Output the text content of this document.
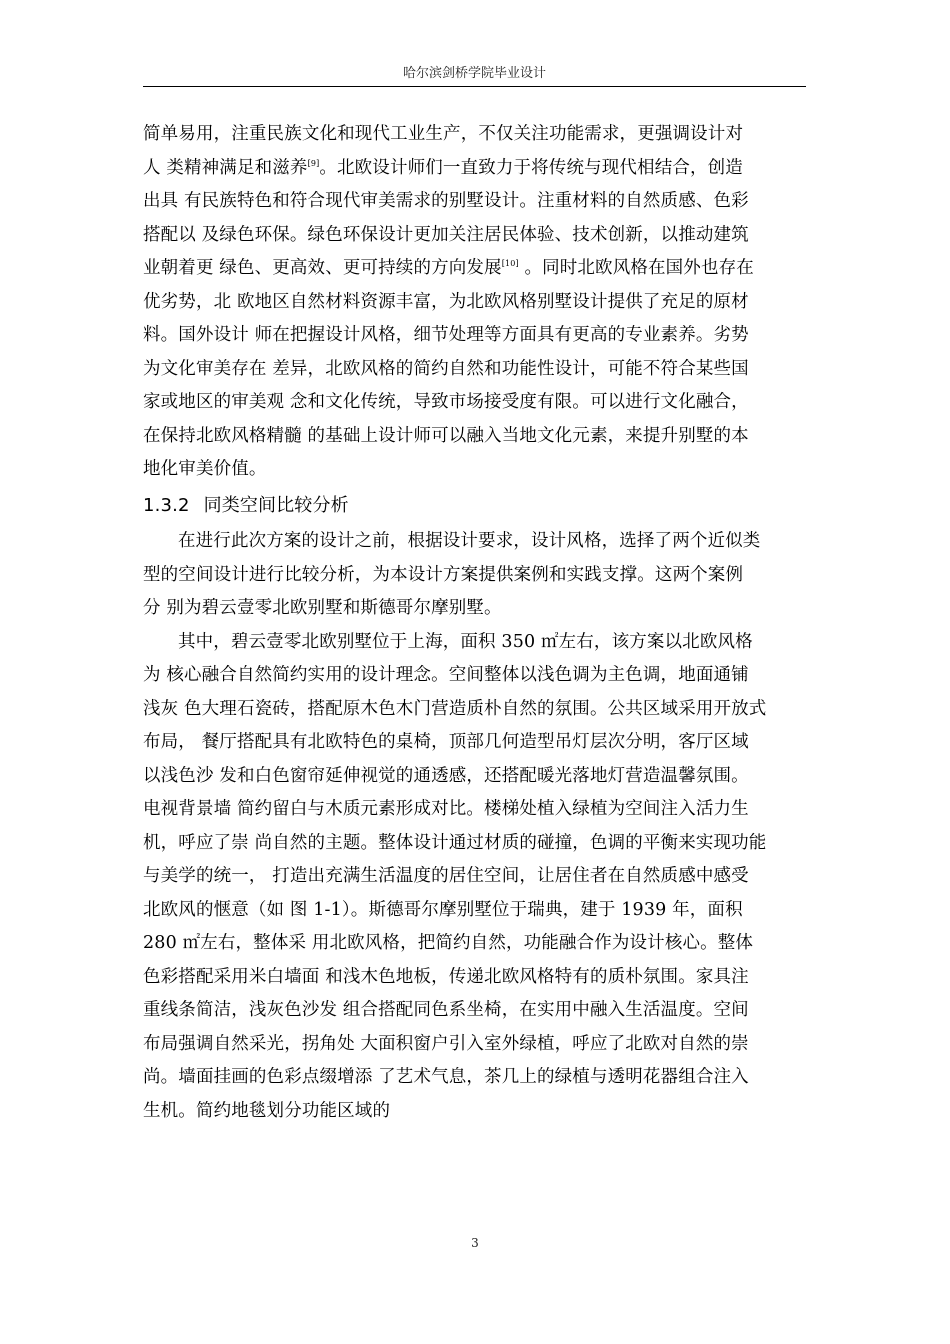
哈尔滨剑桥学院毕业设计

简单易用，注重民族文化和现代工业生产，不仅关注功能需求，更强调设计对
人 类精神满足和滋养[9]。北欧设计师们一直致力于将传统与现代相结合，创造
出具 有民族特色和符合现代审美需求的别墅设计。注重材料的自然质感、色彩
搭配以 及绿色环保。绿色环保设计更加关注居民体验、技术创新，以推动建筑
业朝着更 绿色、更高效、更可持续的方向发展[10] 。同时北欧风格在国外也存在
优劣势，北 欧地区自然材料资源丰富，为北欧风格别墅设计提供了充足的原材
料。国外设计 师在把握设计风格，细节处理等方面具有更高的专业素养。劣势
为文化审美存在 差异，北欧风格的简约自然和功能性设计，可能不符合某些国
家或地区的审美观 念和文化传统，导致市场接受度有限。可以进行文化融合，
在保持北欧风格精髓 的基础上设计师可以融入当地文化元素，来提升别墅的本
地化审美价值。

1.3.2 同类空间比较分析

在进行此次方案的设计之前，根据设计要求，设计风格，选择了两个近似类
型的空间设计进行比较分析，为本设计方案提供案例和实践支撑。这两个案例
分 别为碧云壹零北欧别墅和斯德哥尔摩别墅。

其中，碧云壹零北欧别墅位于上海，面积 350 ㎡左右，该方案以北欧风格
为 核心融合自然简约实用的设计理念。空间整体以浅色调为主色调，地面通铺
浅灰 色大理石瓷砖，搭配原木色木门营造质朴自然的氛围。公共区域采用开放式
布局， 餐厅搭配具有北欧特色的桌椅，顶部几何造型吊灯层次分明，客厅区域
以浅色沙 发和白色窗帘延伸视觉的通透感，还搭配暖光落地灯营造温馨氛围。
电视背景墙 简约留白与木质元素形成对比。楼梯处植入绿植为空间注入活力生
机，呼应了崇 尚自然的主题。整体设计通过材质的碰撞，色调的平衡来实现功能
与美学的统一， 打造出充满生活温度的居住空间，让居住者在自然质感中感受
北欧风的惬意（如 图 1-1）。斯德哥尔摩别墅位于瑞典，建于 1939 年，面积
280 ㎡左右，整体采 用北欧风格，把简约自然，功能融合作为设计核心。整体
色彩搭配采用米白墙面 和浅木色地板，传递北欧风格特有的质朴氛围。家具注
重线条简洁，浅灰色沙发 组合搭配同色系坐椅，在实用中融入生活温度。空间
布局强调自然采光，拐角处 大面积窗户引入室外绿植，呼应了北欧对自然的崇
尚。墙面挂画的色彩点缀增添 了艺术气息，茶几上的绿植与透明花器组合注入
生机。简约地毯划分功能区域的

3
